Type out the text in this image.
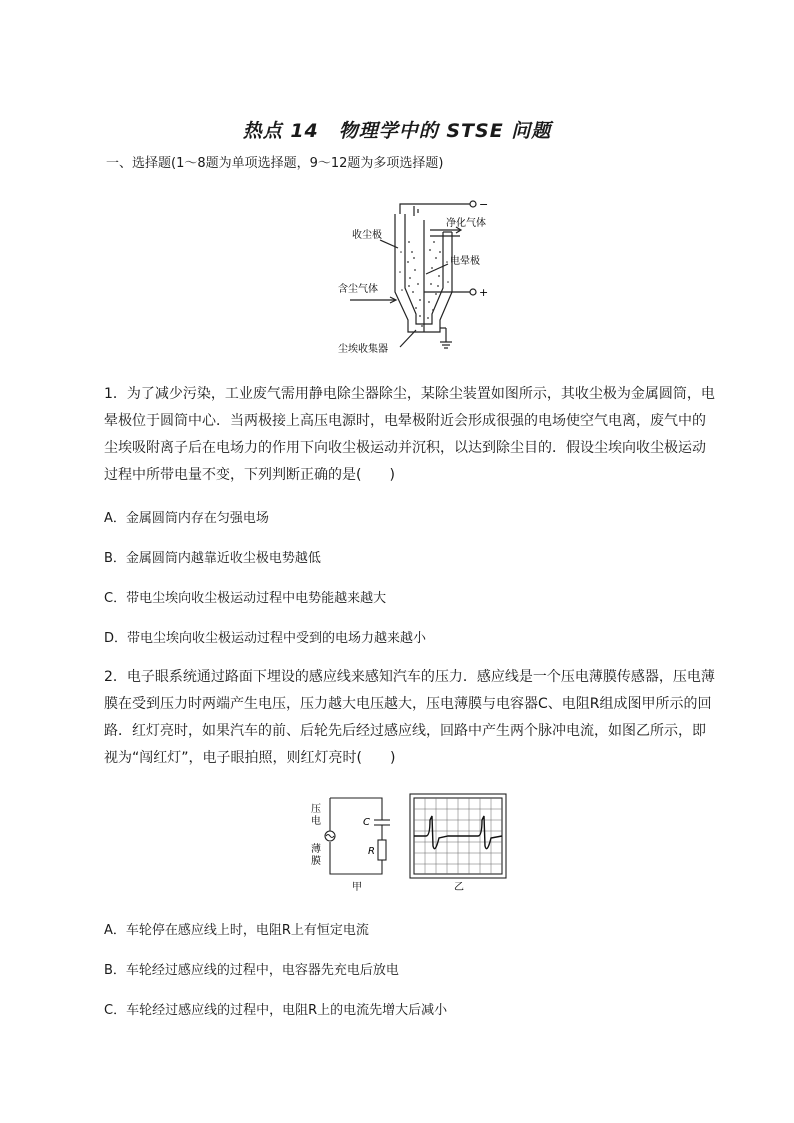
热点 14　物理学中的 STSE 问题
一、选择题(1～8题为单项选择题，9～12题为多项选择题)
收尘极
净化气体
电晕极
含尘气体
尘埃收集器
−
+

1．为了减少污染，工业废气需用静电除尘器除尘，某除尘装置如图所示，其收尘极为金属圆筒，电晕极位于圆筒中心．当两极接上高压电源时，电晕极附近会形成很强的电场使空气电离，废气中的尘埃吸附离子后在电场力的作用下向收尘极运动并沉积，以达到除尘目的．假设尘埃向收尘极运动过程中所带电量不变，下列判断正确的是(　　)

A．金属圆筒内存在匀强电场
B．金属圆筒内越靠近收尘极电势越低
C．带电尘埃向收尘极运动过程中电势能越来越大
D．带电尘埃向收尘极运动过程中受到的电场力越来越小

2．电子眼系统通过路面下埋设的感应线来感知汽车的压力．感应线是一个压电薄膜传感器，压电薄膜在受到压力时两端产生电压，压力越大电压越大，压电薄膜与电容器C、电阻R组成图甲所示的回路．红灯亮时，如果汽车的前、后轮先后经过感应线，回路中产生两个脉冲电流，如图乙所示，即视为“闯红灯”，电子眼拍照，则红灯亮时(　　)

压
电
薄
膜
C
R
甲	乙
A．车轮停在感应线上时，电阻R上有恒定电流
B．车轮经过感应线的过程中，电容器先充电后放电
C．车轮经过感应线的过程中，电阻R上的电流先增大后减小
